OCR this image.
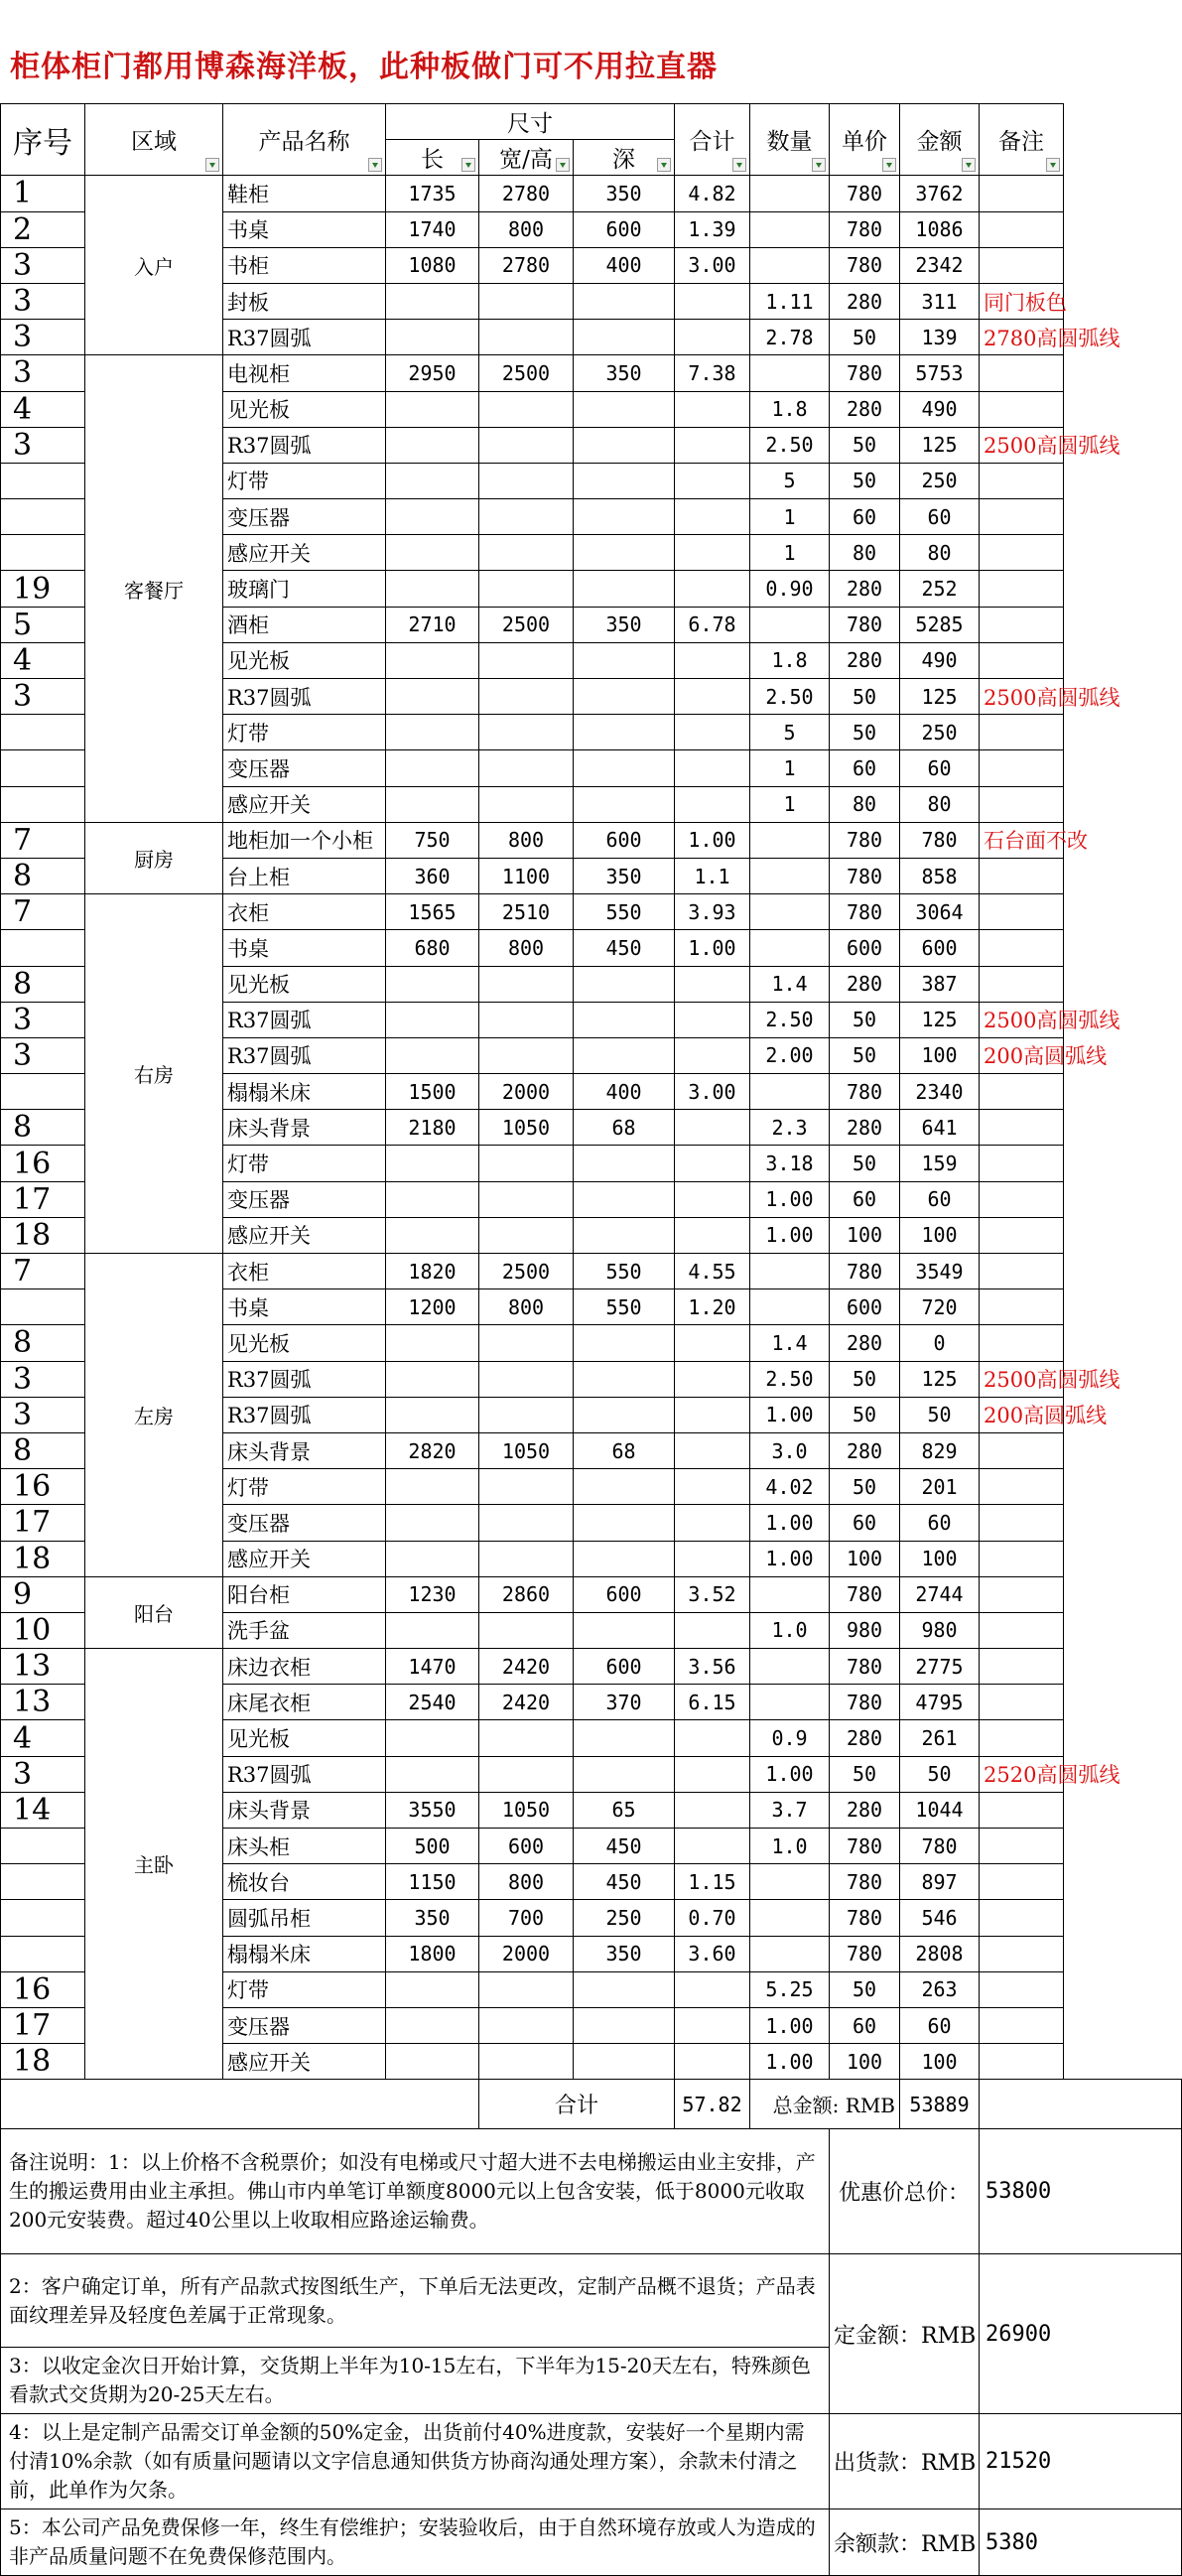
柜体柜门都用博森海洋板，此种板做门可不用拉直器
序号	区域	产品名称	尺寸			合计	数量	单价	金额	备注

			长	宽/高	深					

1	入户	鞋柜	1735	2780	350	4.82		780	3762	
2		书桌	1740	800	600	1.39		780	1086	
3		书柜	1080	2780	400	3.00		780	2342	
3		封板					1.11	280	311	同门板色
3		R37圆弧					2.78	50	139	2780高圆弧线
3	客餐厅	电视柜	2950	2500	350	7.38		780	5753	
4		见光板					1.8	280	490	
3		R37圆弧					2.50	50	125	2500高圆弧线
		灯带					5	50	250	
		变压器					1	60	60	
		感应开关					1	80	80	
19		玻璃门					0.90	280	252	
5		酒柜	2710	2500	350	6.78		780	5285	
4		见光板					1.8	280	490	
3		R37圆弧					2.50	50	125	2500高圆弧线
		灯带					5	50	250	
		变压器					1	60	60	
		感应开关					1	80	80	
7	厨房	地柜加一个小柜	750	800	600	1.00		780	780	石台面不改
8		台上柜	360	1100	350	1.1		780	858	
7	右房	衣柜	1565	2510	550	3.93		780	3064	
		书桌	680	800	450	1.00		600	600	
8		见光板					1.4	280	387	
3		R37圆弧					2.50	50	125	2500高圆弧线
3		R37圆弧					2.00	50	100	200高圆弧线
		榻榻米床	1500	2000	400	3.00		780	2340	
8		床头背景	2180	1050	68		2.3	280	641	
16		灯带					3.18	50	159	
17		变压器					1.00	60	60	
18		感应开关					1.00	100	100	
7	左房	衣柜	1820	2500	550	4.55		780	3549	
		书桌	1200	800	550	1.20		600	720	
8		见光板					1.4	280	0	
3		R37圆弧					2.50	50	125	2500高圆弧线
3		R37圆弧					1.00	50	50	200高圆弧线
8		床头背景	2820	1050	68		3.0	280	829	
16		灯带					4.02	50	201	
17		变压器					1.00	60	60	
18		感应开关					1.00	100	100	
9	阳台	阳台柜	1230	2860	600	3.52		780	2744	
10		洗手盆					1.0	980	980	
13	主卧	床边衣柜	1470	2420	600	3.56		780	2775	
13		床尾衣柜	2540	2420	370	6.15		780	4795	
4		见光板					0.9	280	261	
3		R37圆弧					1.00	50	50	2520高圆弧线
14		床头背景	3550	1050	65		3.7	280	1044	
		床头柜	500	600	450		1.0	780	780	
		梳妆台	1150	800	450	1.15		780	897	
		圆弧吊柜	350	700	250	0.70		780	546	
		榻榻米床	1800	2000	350	3.60		780	2808	
16		灯带					5.25	50	263	
17		变压器					1.00	60	60	
18		感应开关					1.00	100	100	
				合计		57.82	总金额: RMB		53889	
备注说明：1：以上价格不含税票价；如没有电梯或尺寸超大进不去电梯搬运由业主安排，产生的搬运费用由业主承担。佛山市内单笔订单额度8000元以上包含安装，低于8000元收取200元安装费。超过40公里以上收取相应路途运输费。								优惠价总价：		53800
2：客户确定订单，所有产品款式按图纸生产，下单后无法更改，定制产品概不退货；产品表面纹理差异及轻度色差属于正常现象。								定金额：RMB		26900
3：以收定金次日开始计算，交货期上半年为10-15左右，下半年为15-20天左右，特殊颜色看款式交货期为20-25天左右。										
4：以上是定制产品需交订单金额的50%定金，出货前付40%进度款，安装好一个星期内需付清10%余款（如有质量问题请以文字信息通知供货方协商沟通处理方案），余款未付清之前，此单作为欠条。								出货款：RMB		21520
5：本公司产品免费保修一年，终生有偿维护；安装验收后，由于自然环境存放或人为造成的非产品质量问题不在免费保修范围内。								余额款：RMB		5380
